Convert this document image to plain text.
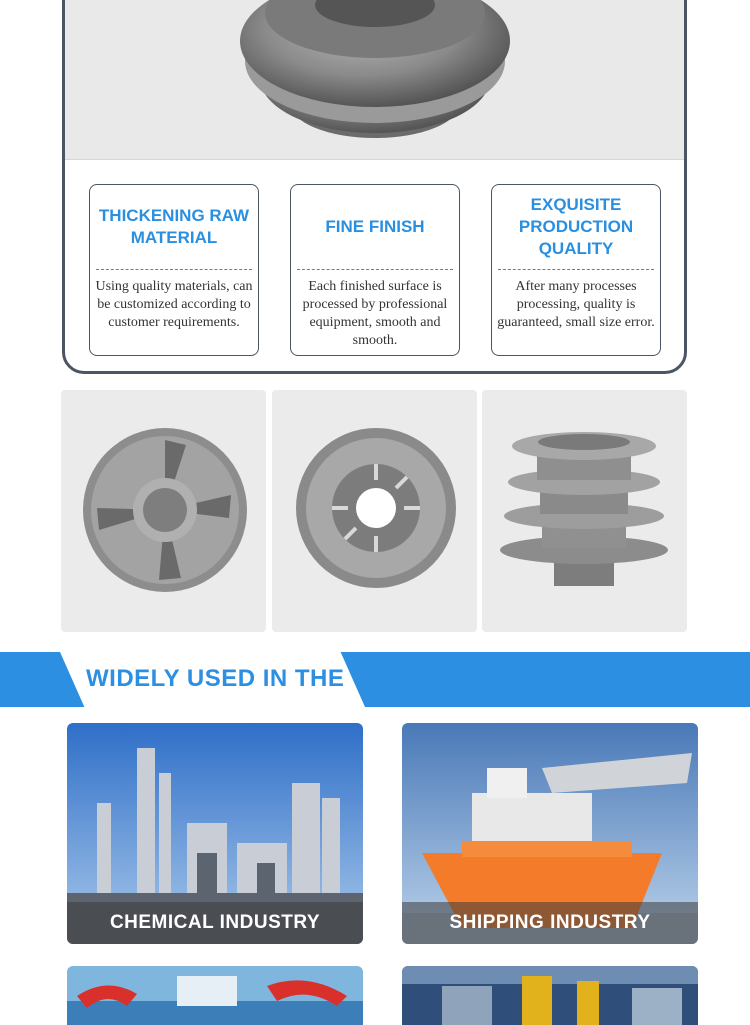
THICKENING RAW MATERIAL
Using quality materials, can be customized according to customer requirements.
FINE FINISH
Each finished surface is processed by professional equipment, smooth and smooth.
EXQUISITE PRODUCTION QUALITY
After many processes processing, quality is guaranteed, small size error.
WIDELY USED IN THE
CHEMICAL INDUSTRY	SHIPPING INDUSTRY
